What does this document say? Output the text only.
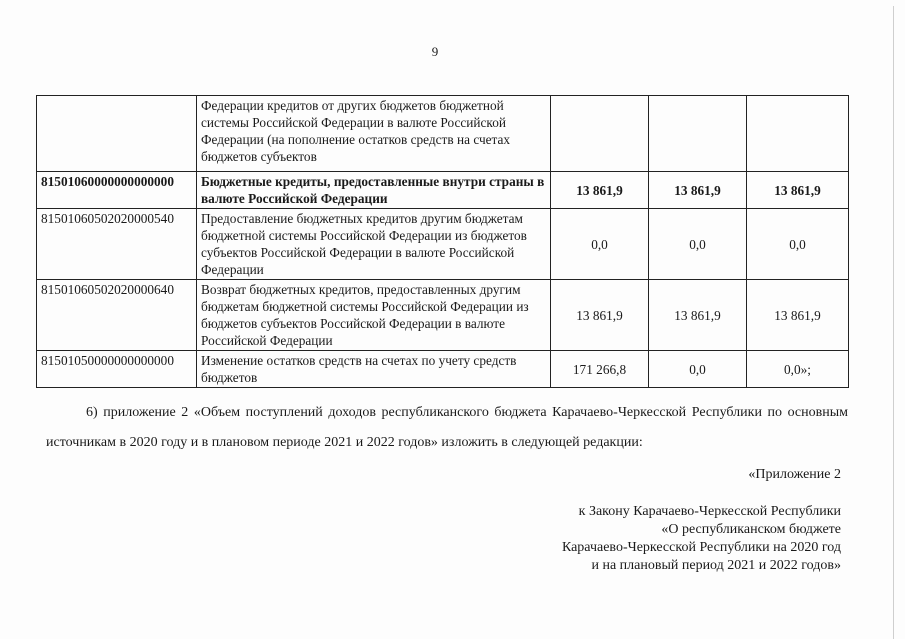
9
	Федерации кредитов от других бюджетов бюджетной системы Российской Федерации в валюте Российской Федерации (на пополнение остатков средств на счетах бюджетов субъектов			
81501060000000000000	Бюджетные кредиты, предоставленные внутри страны в валюте Российской Федерации	13 861,9	13 861,9	13 861,9
81501060502020000540	Предоставление бюджетных кредитов другим бюджетам бюджетной системы Российской Федерации из бюджетов субъектов Российской Федерации в валюте Российской Федерации	0,0	0,0	0,0
81501060502020000640	Возврат бюджетных кредитов, предоставленных другим бюджетам бюджетной системы Российской Федерации из бюджетов субъектов Российской Федерации в валюте Российской Федерации	13 861,9	13 861,9	13 861,9
81501050000000000000	Изменение остатков средств на счетах по учету средств бюджетов	171 266,8	0,0	0,0»;
6) приложение 2 «Объем поступлений доходов республиканского бюджета Карачаево-Черкесской Республики по основным источникам в 2020 году и в плановом периоде 2021 и 2022 годов» изложить в следующей редакции:
«Приложение 2
к Закону Карачаево-Черкесской Республики
«О республиканском бюджете
Карачаево-Черкесской Республики на 2020 год
и на плановый период 2021 и 2022 годов»
